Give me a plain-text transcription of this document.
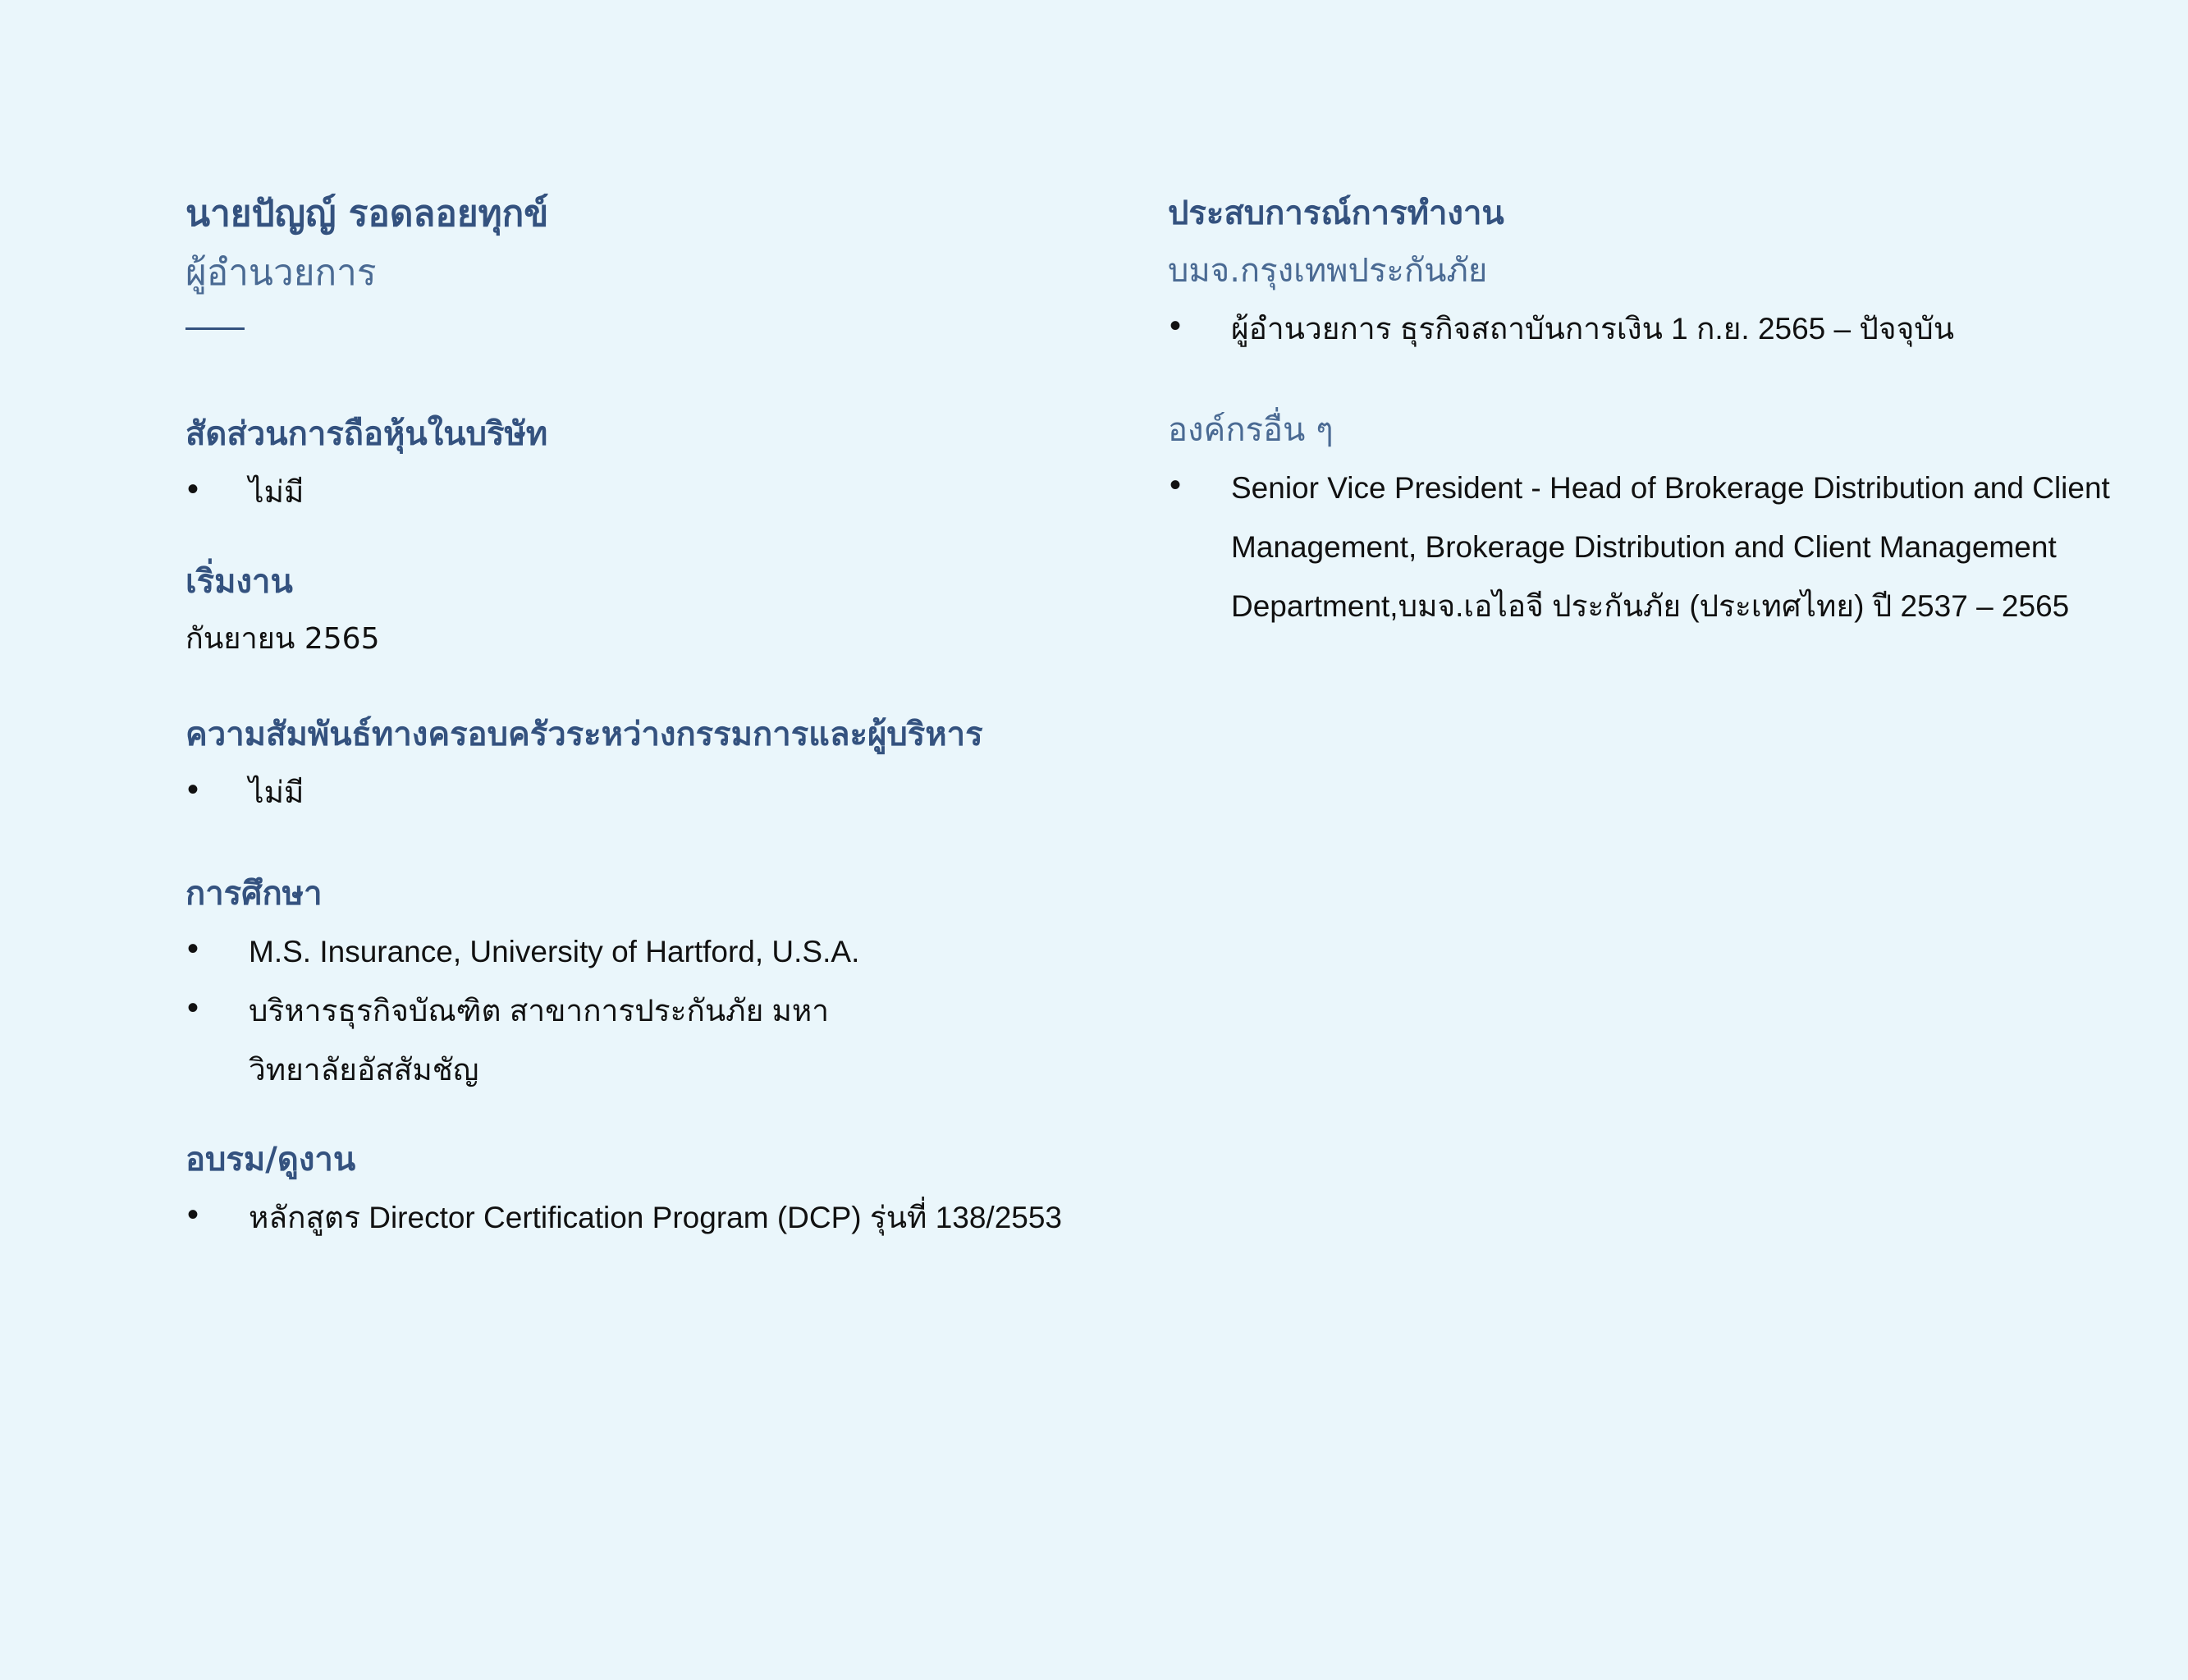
นายปัญญ์ รอดลอยทุกข์
ผู้อำนวยการ
สัดส่วนการถือหุ้นในบริษัท
• ไม่มี
เริ่มงาน
กันยายน 2565
ความสัมพันธ์ทางครอบครัวระหว่างกรรมการและผู้บริหาร
• ไม่มี
การศึกษา
• M.S. Insurance, University of Hartford, U.S.A.
• บริหารธุรกิจบัณฑิต สาขาการประกันภัย มหาวิทยาลัยอัสสัมชัญ
อบรม/ดูงาน
• หลักสูตร Director Certification Program (DCP) รุ่นที่ 138/2553
ประสบการณ์การทำงาน
บมจ.กรุงเทพประกันภัย
• ผู้อำนวยการ ธุรกิจสถาบันการเงิน 1 ก.ย. 2565 – ปัจจุบัน
องค์กรอื่น ๆ
• Senior Vice President - Head of Brokerage Distribution and Client Management, Brokerage Distribution and Client Management Department,บมจ.เอไอจี ประกันภัย (ประเทศไทย) ปี 2537 – 2565
